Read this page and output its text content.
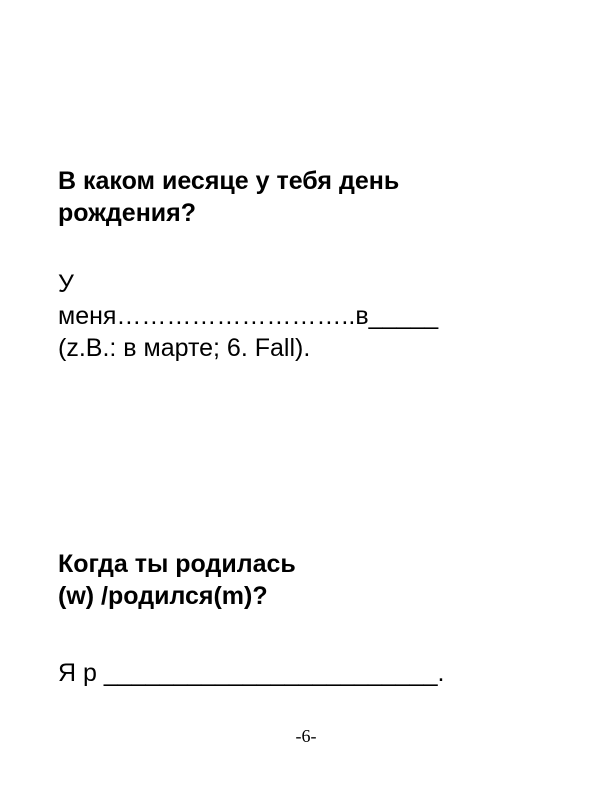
В каком иесяце у тебя день

рождения?

У

меня………………………..в_____

(z.B.: в марте; 6. Fall).

Когда ты родилась

(w) /родился(m)?

Я р ________________________.

-6-
